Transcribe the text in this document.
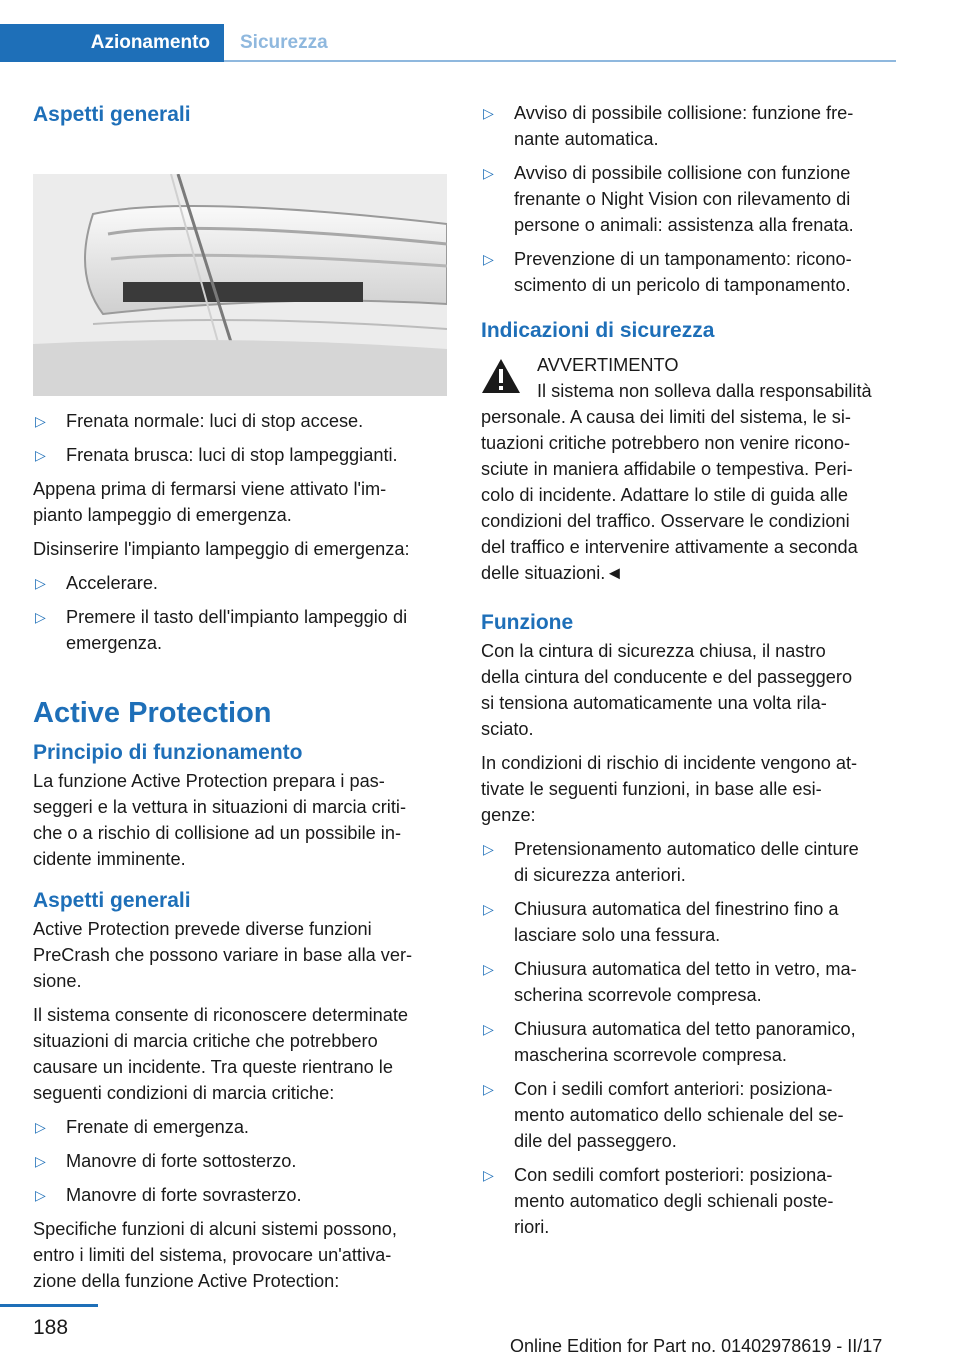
Azionamento	Sicurezza
Aspetti generali
▷ Frenata normale: luci di stop accese.
▷ Frenata brusca: luci di stop lampeggianti.

Appena prima di fermarsi viene attivato l'im-
pianto lampeggio di emergenza.

Disinserire l'impianto lampeggio di emergenza:

▷ Accelerare.
▷ Premere il tasto dell'impianto lampeggio di emergenza.
Active Protection
Principio di funzionamento

La funzione Active Protection prepara i pas-
seggeri e la vettura in situazioni di marcia criti-
che o a rischio di collisione ad un possibile in-
cidente imminente.

Aspetti generali

Active Protection prevede diverse funzioni
PreCrash che possono variare in base alla ver-
sione.

Il sistema consente di riconoscere determinate
situazioni di marcia critiche che potrebbero
causare un incidente. Tra queste rientrano le
seguenti condizioni di marcia critiche:

▷ Frenate di emergenza.
▷ Manovre di forte sottosterzo.
▷ Manovre di forte sovrasterzo.

Specifiche funzioni di alcuni sistemi possono,
entro i limiti del sistema, provocare un'attiva-
zione della funzione Active Protection:

▷ Avviso di possibile collisione: funzione fre-
nante automatica.
▷ Avviso di possibile collisione con funzione
frenante o Night Vision con rilevamento di
persone o animali: assistenza alla frenata.
▷ Prevenzione di un tamponamento: ricono-
scimento di un pericolo di tamponamento.
Indicazioni di sicurezza
AVVERTIMENTO
Il sistema non solleva dalla responsabilità
personale. A causa dei limiti del sistema, le si-
tuazioni critiche potrebbero non venire ricono-
sciute in maniera affidabile o tempestiva. Peri-
colo di incidente. Adattare lo stile di guida alle
condizioni del traffico. Osservare le condizioni
del traffico e intervenire attivamente a seconda
delle situazioni.◄
Funzione

Con la cintura di sicurezza chiusa, il nastro
della cintura del conducente e del passeggero
si tensiona automaticamente una volta rila-
sciato.

In condizioni di rischio di incidente vengono at-
tivate le seguenti funzioni, in base alle esi-
genze:

▷ Pretensionamento automatico delle cinture
di sicurezza anteriori.
▷ Chiusura automatica del finestrino fino a
lasciare solo una fessura.
▷ Chiusura automatica del tetto in vetro, ma-
scherina scorrevole compresa.
▷ Chiusura automatica del tetto panoramico,
mascherina scorrevole compresa.
▷ Con i sedili comfort anteriori: posiziona-
mento automatico dello schienale del se-
dile del passeggero.
▷ Con sedili comfort posteriori: posiziona-
mento automatico degli schienali poste-
riori.
188
Online Edition for Part no. 01402978619 - II/17
